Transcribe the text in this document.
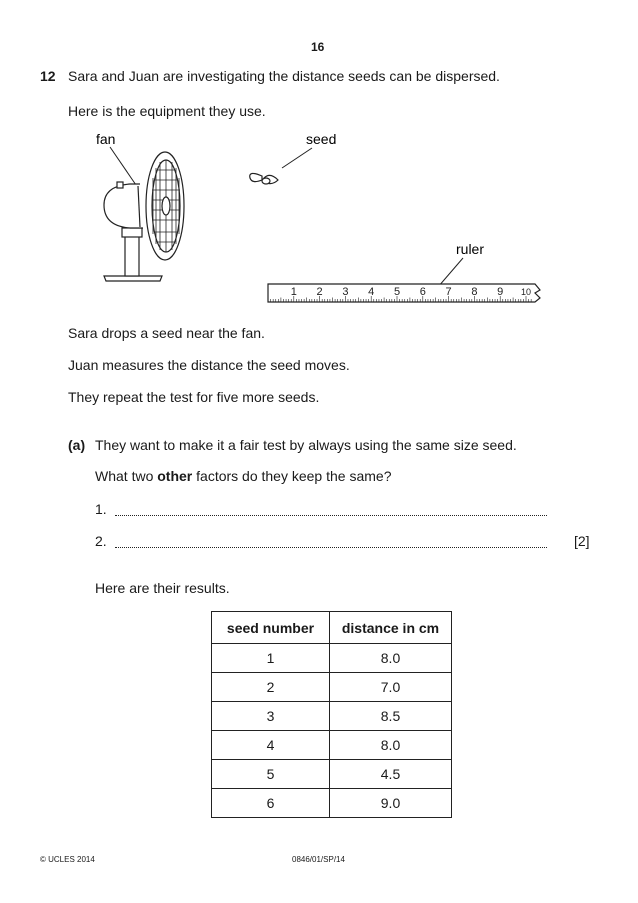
16
12 Sara and Juan are investigating the distance seeds can be dispersed.
Here is the equipment they use.
fan	seed
ruler
1 2 3 4 5 6 7 8 9 10
Sara drops a seed near the fan.
Juan measures the distance the seed moves.
They repeat the test for five more seeds.
(a) They want to make it a fair test by always using the same size seed.
What two other factors do they keep the same?
1.
2.	[2]
Here are their results.
seed number	distance in cm
1	8.0
2	7.0
3	8.5
4	8.0
5	4.5
6	9.0
© UCLES 2014	0846/01/SP/14
